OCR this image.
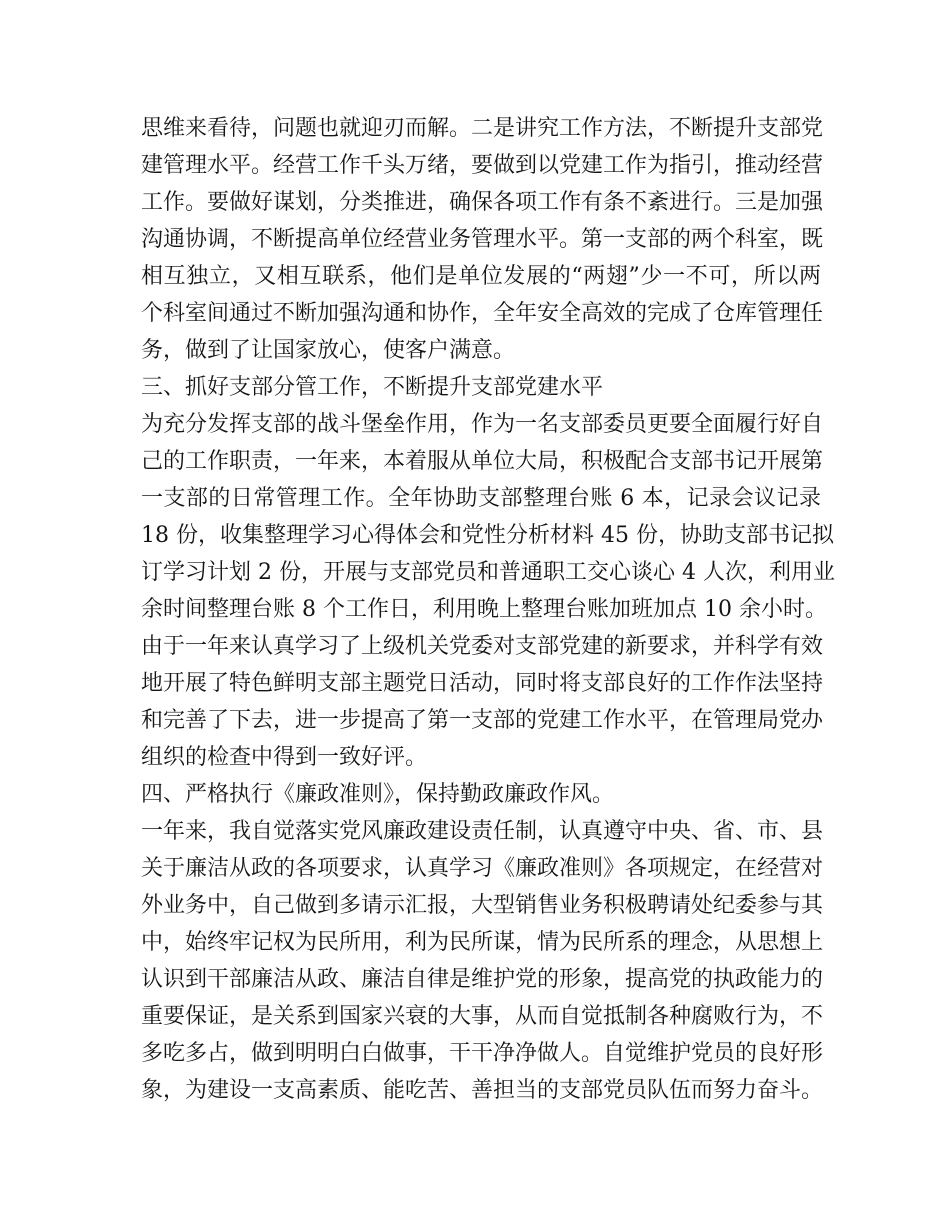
思维来看待，问题也就迎刃而解。二是讲究工作方法，不断提升支部党
建管理水平。经营工作千头万绪，要做到以党建工作为指引，推动经营
工作。要做好谋划，分类推进，确保各项工作有条不紊进行。三是加强
沟通协调，不断提高单位经营业务管理水平。第一支部的两个科室，既
相互独立，又相互联系，他们是单位发展的“两翅”少一不可，所以两
个科室间通过不断加强沟通和协作，全年安全高效的完成了仓库管理任
务，做到了让国家放心，使客户满意。
三、抓好支部分管工作，不断提升支部党建水平
为充分发挥支部的战斗堡垒作用，作为一名支部委员更要全面履行好自
己的工作职责，一年来，本着服从单位大局，积极配合支部书记开展第
一支部的日常管理工作。全年协助支部整理台账 6 本，记录会议记录
18 份，收集整理学习心得体会和党性分析材料 45 份，协助支部书记拟
订学习计划 2 份，开展与支部党员和普通职工交心谈心 4 人次，利用业
余时间整理台账 8 个工作日，利用晚上整理台账加班加点 10 余小时。
由于一年来认真学习了上级机关党委对支部党建的新要求，并科学有效
地开展了特色鲜明支部主题党日活动，同时将支部良好的工作作法坚持
和完善了下去，进一步提高了第一支部的党建工作水平，在管理局党办
组织的检查中得到一致好评。
四、严格执行《廉政准则》，保持勤政廉政作风。
一年来，我自觉落实党风廉政建设责任制，认真遵守中央、省、市、县
关于廉洁从政的各项要求，认真学习《廉政准则》各项规定，在经营对
外业务中，自己做到多请示汇报，大型销售业务积极聘请处纪委参与其
中，始终牢记权为民所用，利为民所谋，情为民所系的理念，从思想上
认识到干部廉洁从政、廉洁自律是维护党的形象，提高党的执政能力的
重要保证，是关系到国家兴衰的大事，从而自觉抵制各种腐败行为，不
多吃多占，做到明明白白做事，干干净净做人。自觉维护党员的良好形
象，为建设一支高素质、能吃苦、善担当的支部党员队伍而努力奋斗。
